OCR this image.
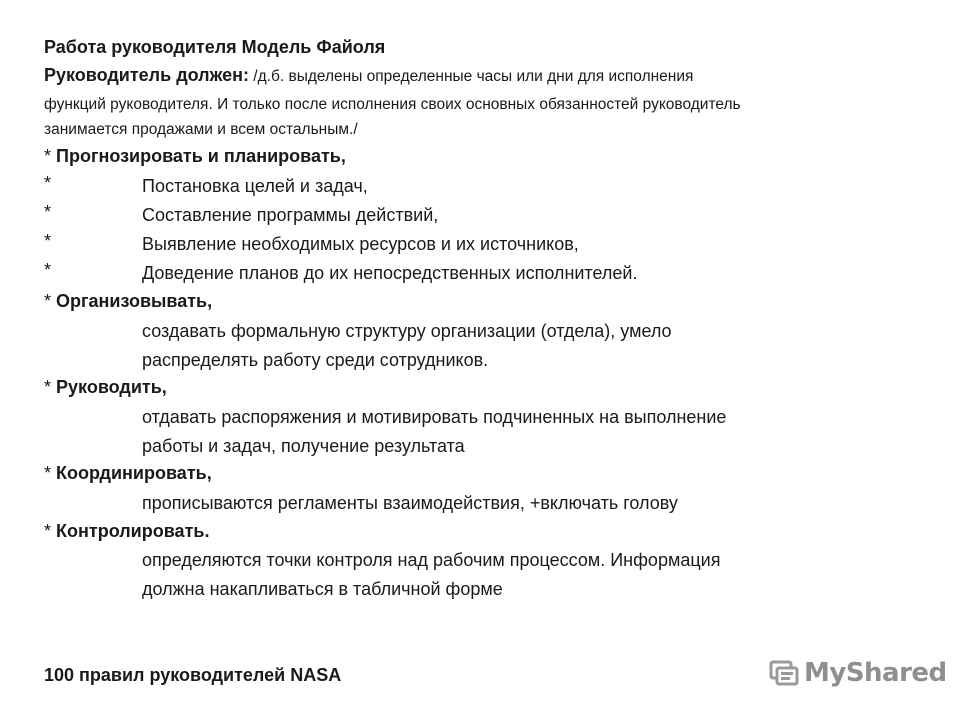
Работа руководителя Модель Файоля
Руководитель должен: /д.б. выделены определенные часы или дни для исполнения
функций руководителя. И только после исполнения своих основных обязанностей руководитель
занимается продажами и всем остальным./
* Прогнозировать и планировать,
*	Постановка целей и задач,
*	Составление программы действий,
*	Выявление необходимых ресурсов и их источников,
*	Доведение планов до их непосредственных исполнителей.
* Организовывать,
создавать формальную структуру организации (отдела), умело
распределять работу среди сотрудников.
* Руководить,
отдавать распоряжения и мотивировать подчиненных на выполнение
работы и задач, получение результата
* Координировать,
прописываются регламенты взаимодействия, +включать голову
* Контролировать.
определяются точки контроля над рабочим процессом. Информация
должна накапливаться в табличной форме
100 правил руководителей NASA	MyShared
